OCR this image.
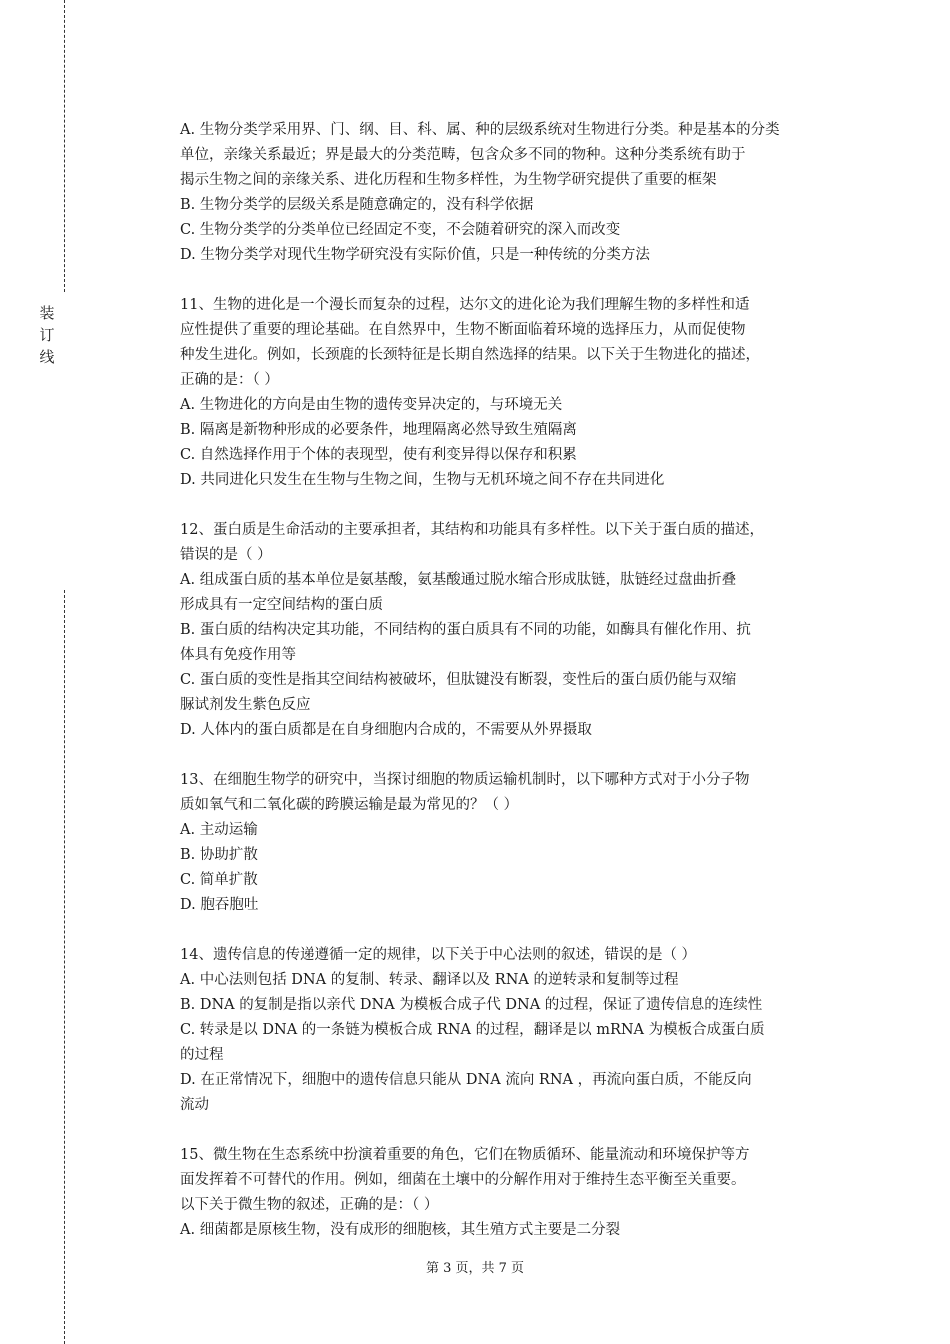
装
订
线
A. 生物分类学采用界、门、纲、目、科、属、种的层级系统对生物进行分类。种是基本的分类
单位，亲缘关系最近；界是最大的分类范畴，包含众多不同的物种。这种分类系统有助于
揭示生物之间的亲缘关系、进化历程和生物多样性，为生物学研究提供了重要的框架
B. 生物分类学的层级关系是随意确定的，没有科学依据
C. 生物分类学的分类单位已经固定不变，不会随着研究的深入而改变
D. 生物分类学对现代生物学研究没有实际价值，只是一种传统的分类方法
11、生物的进化是一个漫长而复杂的过程，达尔文的进化论为我们理解生物的多样性和适
应性提供了重要的理论基础。在自然界中，生物不断面临着环境的选择压力，从而促使物
种发生进化。例如，长颈鹿的长颈特征是长期自然选择的结果。以下关于生物进化的描述，
正确的是：（ ）
A. 生物进化的方向是由生物的遗传变异决定的，与环境无关
B. 隔离是新物种形成的必要条件，地理隔离必然导致生殖隔离
C. 自然选择作用于个体的表现型，使有利变异得以保存和积累
D. 共同进化只发生在生物与生物之间，生物与无机环境之间不存在共同进化
12、蛋白质是生命活动的主要承担者，其结构和功能具有多样性。以下关于蛋白质的描述，
错误的是（ ）
A. 组成蛋白质的基本单位是氨基酸，氨基酸通过脱水缩合形成肽链，肽链经过盘曲折叠
形成具有一定空间结构的蛋白质
B. 蛋白质的结构决定其功能，不同结构的蛋白质具有不同的功能，如酶具有催化作用、抗
体具有免疫作用等
C. 蛋白质的变性是指其空间结构被破坏，但肽键没有断裂，变性后的蛋白质仍能与双缩
脲试剂发生紫色反应
D. 人体内的蛋白质都是在自身细胞内合成的，不需要从外界摄取
13、在细胞生物学的研究中，当探讨细胞的物质运输机制时，以下哪种方式对于小分子物
质如氧气和二氧化碳的跨膜运输是最为常见的？（ ）
A. 主动运输
B. 协助扩散
C. 简单扩散
D. 胞吞胞吐
14、遗传信息的传递遵循一定的规律，以下关于中心法则的叙述，错误的是（ ）
A. 中心法则包括 DNA 的复制、转录、翻译以及 RNA 的逆转录和复制等过程
B. DNA 的复制是指以亲代 DNA 为模板合成子代 DNA 的过程，保证了遗传信息的连续性
C. 转录是以 DNA 的一条链为模板合成 RNA 的过程，翻译是以 mRNA 为模板合成蛋白质
的过程
D. 在正常情况下，细胞中的遗传信息只能从 DNA 流向 RNA ，再流向蛋白质，不能反向
流动
15、微生物在生态系统中扮演着重要的角色，它们在物质循环、能量流动和环境保护等方
面发挥着不可替代的作用。例如，细菌在土壤中的分解作用对于维持生态平衡至关重要。
以下关于微生物的叙述，正确的是：（ ）
A. 细菌都是原核生物，没有成形的细胞核，其生殖方式主要是二分裂
第 3 页，共 7 页
